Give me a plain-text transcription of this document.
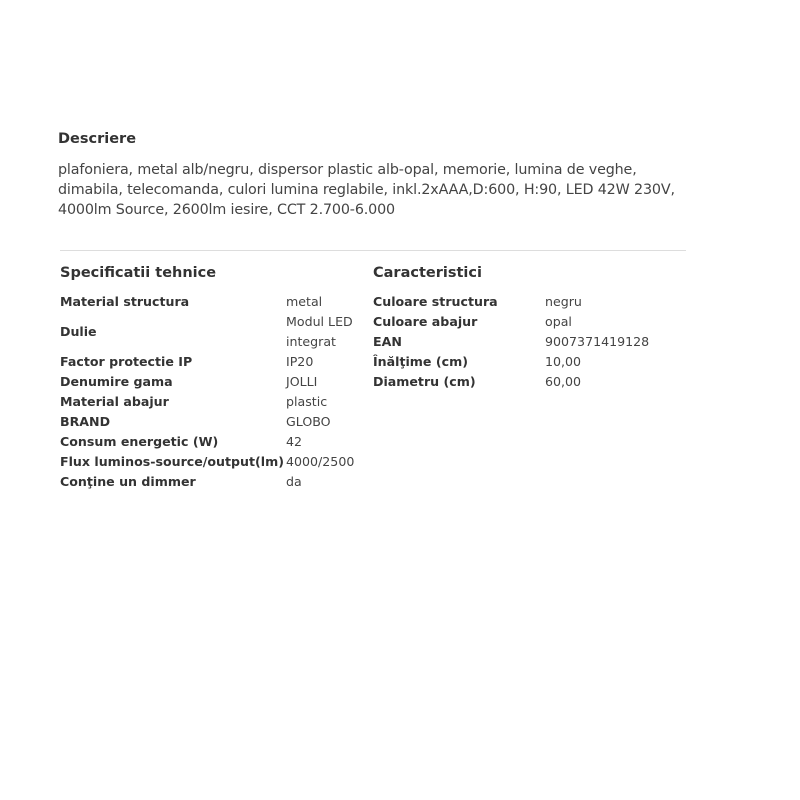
Descriere

plafoniera, metal alb/negru, dispersor plastic alb-opal, memorie, lumina de veghe, dimabila, telecomanda, culori lumina reglabile, inkl.2xAAA,D:600, H:90, LED 42W 230V, 4000lm Source, 2600lm iesire, CCT 2.700-6.000

Specificatii tehnice
Material structura	metal
Dulie	Modul LED integrat
Factor protectie IP	IP20
Denumire gama	JOLLI
Material abajur	plastic
BRAND	GLOBO
Consum energetic (W)	42
Flux luminos-source/output(lm)	4000/2500
Conţine un dimmer	da
Caracteristici
Culoare structura	negru
Culoare abajur	opal
EAN	9007371419128
Înălţime (cm)	10,00
Diametru (cm)	60,00
